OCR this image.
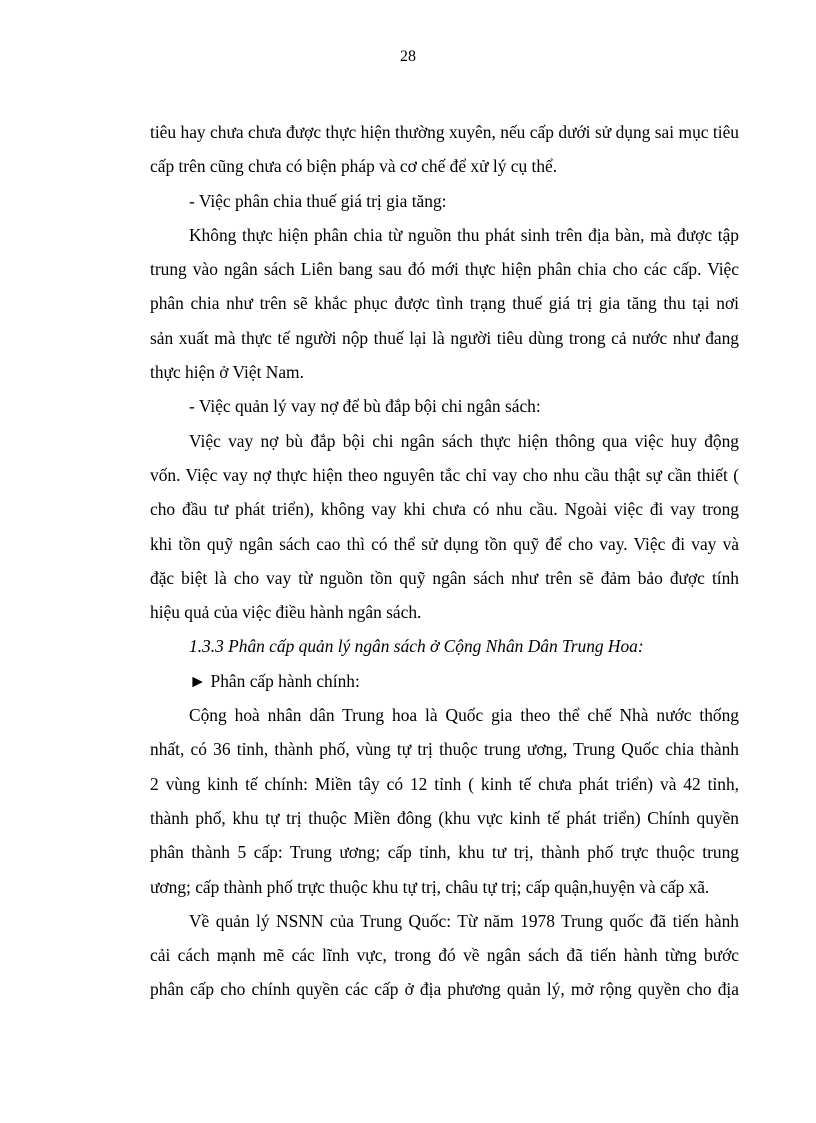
28
tiêu hay chưa chưa được thực hiện thường xuyên, nếu cấp dưới sử dụng sai mục tiêu
cấp trên cũng chưa có biện pháp và cơ chế để xử lý cụ thể.
- Việc phân chia thuế giá trị gia tăng:
Không thực hiện phân chia từ nguồn thu phát sinh trên địa bàn, mà được tập
trung vào ngân sách Liên bang sau đó mới thực hiện phân chia cho các cấp. Việc
phân chia như trên sẽ khắc phục được tình trạng thuế giá trị gia tăng thu tại nơi
sản xuất mà thực tế người nộp thuế lại là người tiêu dùng trong cả nước như đang
thực hiện ở Việt Nam.
- Việc quản lý vay nợ để bù đắp bội chi ngân sách:
Việc vay nợ bù đắp bội chi ngân sách thực hiện thông qua việc huy động
vốn. Việc vay nợ thực hiện theo nguyên tắc chỉ vay cho nhu cầu thật sự cần thiết (
cho đầu tư phát triển), không vay khi chưa có nhu cầu. Ngoài việc đi vay trong
khi tồn quỹ ngân sách cao thì có thể sử dụng tồn quỹ để cho vay. Việc đi vay và
đặc biệt là cho vay từ nguồn tồn quỹ ngân sách như trên sẽ đảm bảo được tính
hiệu quả của việc điều hành ngân sách.
1.3.3 Phân cấp quản lý ngân sách ở Cộng Nhân Dân Trung Hoa:
► Phân cấp hành chính:
Cộng hoà nhân dân Trung hoa là Quốc gia theo thể chế Nhà nước thống
nhất, có 36 tỉnh, thành phố, vùng tự trị thuộc trung ương, Trung Quốc chia thành
2 vùng kinh tế chính: Miền tây có 12 tỉnh ( kinh tế chưa phát triển) và 42 tỉnh,
thành phố, khu tự trị thuộc Miền đông (khu vực kinh tế phát triển) Chính quyền
phân thành 5 cấp: Trung ương; cấp tỉnh, khu tư trị, thành phố trực thuộc trung
ương; cấp thành phố trực thuộc khu tự trị, châu tự trị; cấp quận,huyện và cấp xã.
Về quản lý NSNN của Trung Quốc: Từ năm 1978 Trung quốc đã tiến hành
cải cách mạnh mẽ các lĩnh vực, trong đó về ngân sách đã tiến hành từng bước
phân cấp cho chính quyền các cấp ở địa phương quản lý, mở rộng quyền cho địa
